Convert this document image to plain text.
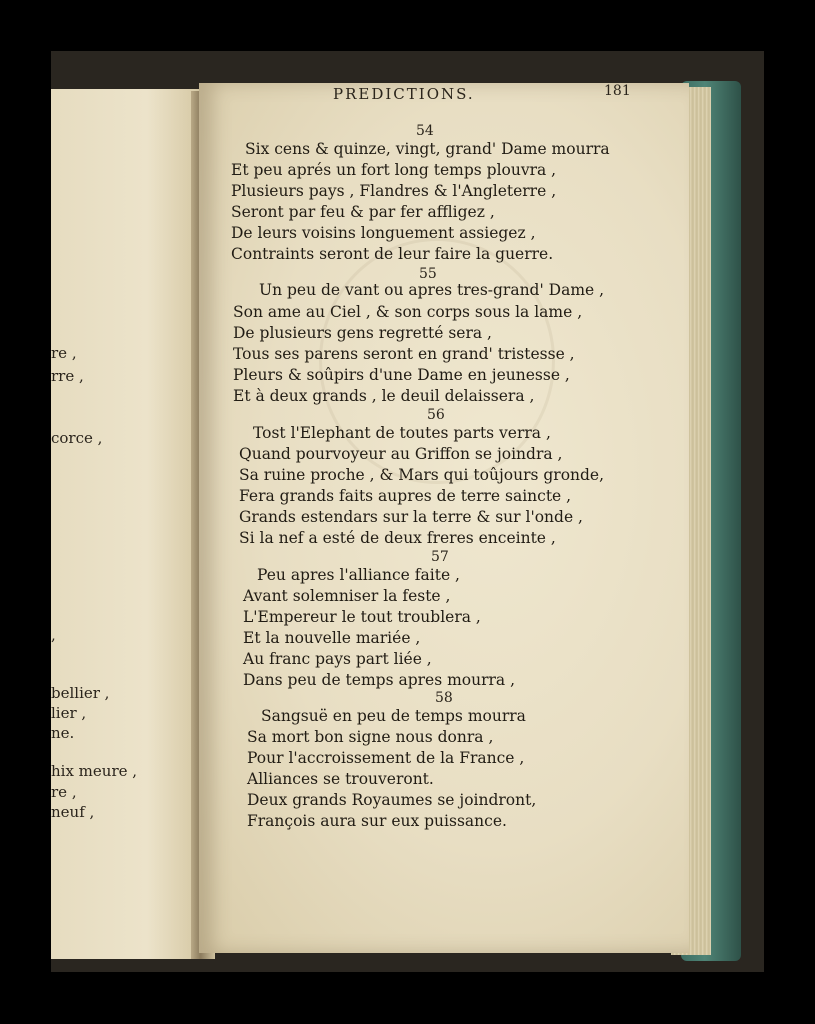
re ,
rre ,
corce ,
,
bellier ,
lier ,
ne.
hix meure ,
re ,
neuf ,
PREDICTIONS.	181
54
Six cens & quinze, vingt, grand' Dame mourra
Et peu aprés un fort long temps plouvra ,
Plusieurs pays , Flandres & l'Angleterre ,
Seront par feu & par fer affligez ,
De leurs voisins longuement assiegez ,
Contraints seront de leur faire la guerre.
55
Un peu de vant ou apres tres-grand' Dame ,
Son ame au Ciel , & son corps sous la lame ,
De plusieurs gens regretté sera ,
Tous ses parens seront en grand' tristesse ,
Pleurs & soûpirs d'une Dame en jeunesse ,
Et à deux grands , le deuil delaissera ,
56
Tost l'Elephant de toutes parts verra ,
Quand pourvoyeur au Griffon se joindra ,
Sa ruine proche , & Mars qui toûjours gronde,
Fera grands faits aupres de terre saincte ,
Grands estendars sur la terre & sur l'onde ,
Si la nef a esté de deux freres enceinte ,
57
Peu apres l'alliance faite ,
Avant solemniser la feste ,
L'Empereur le tout troublera ,
Et la nouvelle mariée ,
Au franc pays part liée ,
Dans peu de temps apres mourra ,
58
Sangsuë en peu de temps mourra
Sa mort bon signe nous donra ,
Pour l'accroissement de la France ,
Alliances se trouveront.
Deux grands Royaumes se joindront,
François aura sur eux puissance.
